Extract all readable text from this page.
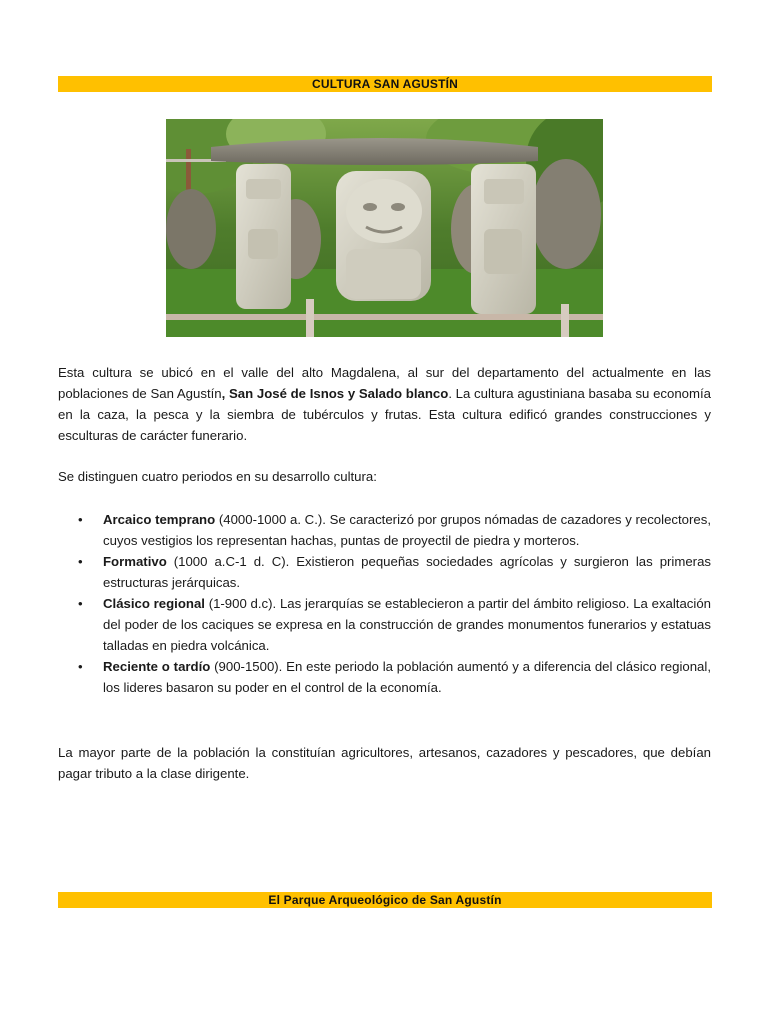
CULTURA SAN AGUSTÍN
Esta cultura se ubicó en el valle del alto Magdalena, al sur del departamento del actualmente en las poblaciones de San Agustín, San José de Isnos y Salado blanco. La cultura agustiniana basaba su economía en la caza, la pesca y la siembra de tubérculos y frutas. Esta cultura edificó grandes construcciones y esculturas de carácter funerario.
Se distinguen cuatro periodos en su desarrollo cultura:
• Arcaico temprano (4000-1000 a. C.). Se caracterizó por grupos nómadas de cazadores y recolectores, cuyos vestigios los representan hachas, puntas de proyectil de piedra y morteros.
• Formativo (1000 a.C-1 d. C). Existieron pequeñas sociedades agrícolas y surgieron las primeras estructuras jerárquicas.
• Clásico regional (1-900 d.c). Las jerarquías se establecieron a partir del ámbito religioso. La exaltación del poder de los caciques se expresa en la construcción de grandes monumentos funerarios y estatuas talladas en piedra volcánica.
• Reciente o tardío (900-1500). En este periodo la población aumentó y a diferencia del clásico regional, los lideres basaron su poder en el control de la economía.
La mayor parte de la población la constituían agricultores, artesanos, cazadores y pescadores, que debían pagar tributo a la clase dirigente.
El Parque Arqueológico de San Agustín
